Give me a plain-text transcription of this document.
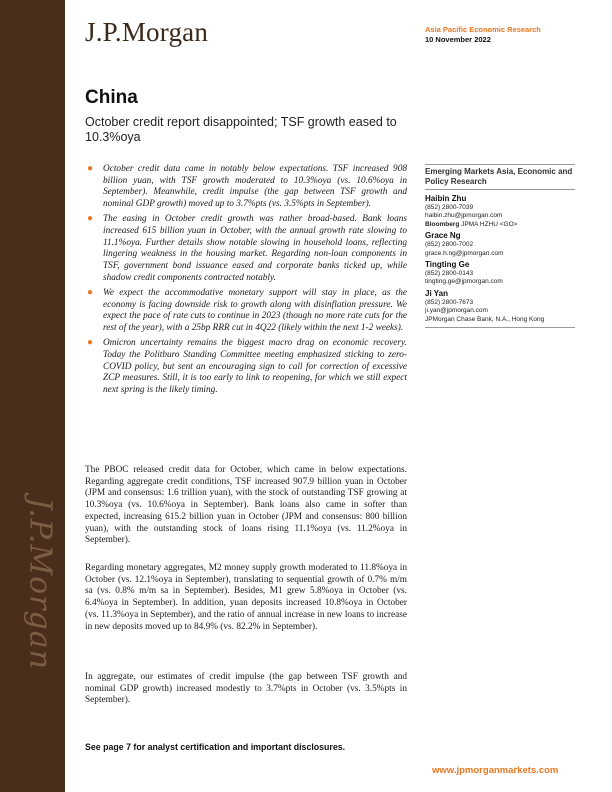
J.P.Morgan
J.P.Morgan	Asia Pacific Economic Research
10 November 2022
China
October credit report disappointed; TSF growth eased to 10.3%oya
● October credit data came in notably below expectations. TSF increased 908 billion yuan, with TSF growth moderated to 10.3%oya (vs. 10.6%oya in September). Meanwhile, credit impulse (the gap between TSF growth and nominal GDP growth) moved up to 3.7%pts (vs. 3.5%pts in September).
● The easing in October credit growth was rather broad-based. Bank loans increased 615 billion yuan in October, with the annual growth rate slowing to 11.1%oya. Further details show notable slowing in household loans, reflecting lingering weakness in the housing market. Regarding non-loan components in TSF, government bond issuance eased and corporate banks ticked up, while shadow credit components contracted notably.
● We expect the accommodative monetary support will stay in place, as the economy is facing downside risk to growth along with disinflation pressure. We expect the pace of rate cuts to continue in 2023 (though no more rate cuts for the rest of the year), with a 25bp RRR cut in 4Q22 (likely within the next 1-2 weeks).
● Omicron uncertainty remains the biggest macro drag on economic recovery. Today the Politburo Standing Committee meeting emphasized sticking to zero-COVID policy, but sent an encouraging sign to call for correction of excessive ZCP measures. Still, it is too early to link to reopening, for which we still expect next spring is the likely timing.

The PBOC released credit data for October, which came in below expectations. Regarding aggregate credit conditions, TSF increased 907.9 billion yuan in October (JPM and consensus: 1.6 trillion yuan), with the stock of outstanding TSF growing at 10.3%oya (vs. 10.6%oya in September). Bank loans also came in softer than expected, increasing 615.2 billion yuan in October (JPM and consensus: 800 billion yuan), with the outstanding stock of loans rising 11.1%oya (vs. 11.2%oya in September).

Regarding monetary aggregates, M2 money supply growth moderated to 11.8%oya in October (vs. 12.1%oya in September), translating to sequential growth of 0.7% m/m sa (vs. 0.8% m/m sa in September). Besides, M1 grew 5.8%oya in October (vs. 6.4%oya in September). In addition, yuan deposits increased 10.8%oya in October (vs. 11.3%oya in September), and the ratio of annual increase in new loans to increase in new deposits moved up to 84.9% (vs. 82.2% in September).

In aggregate, our estimates of credit impulse (the gap between TSF growth and nominal GDP growth) increased modestly to 3.7%pts in October (vs. 3.5%pts in September).

Emerging Markets Asia, Economic and Policy Research
Haibin Zhu
(852) 2800-7039
haibin.zhu@jpmorgan.com
Bloomberg JPMA HZHU <GO>
Grace Ng
(852) 2800-7002
grace.h.ng@jpmorgan.com
Tingting Ge
(852) 2800-0143
tingting.ge@jpmorgan.com
Ji Yan
(852) 2800-7673
ji.yan@jpmorgan.com
JPMorgan Chase Bank, N.A., Hong Kong
See page 7 for analyst certification and important disclosures.
www.jpmorganmarkets.com
